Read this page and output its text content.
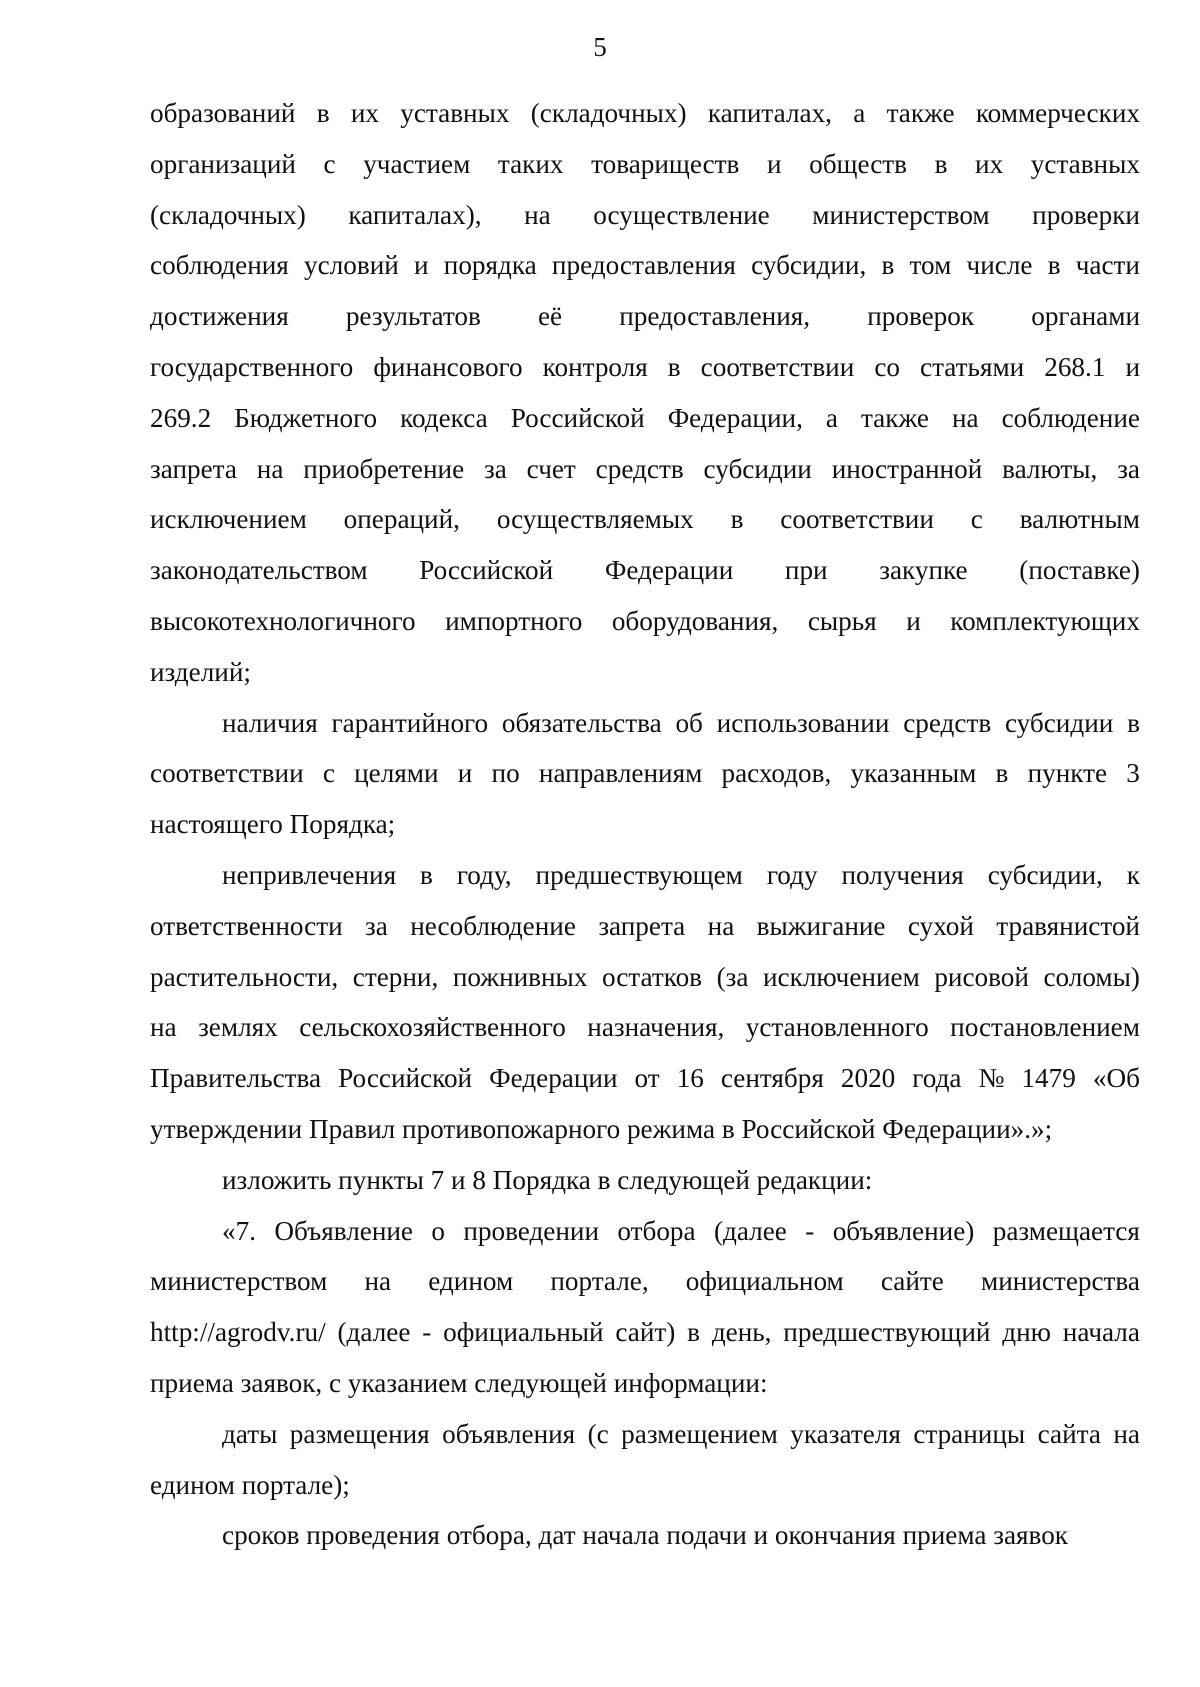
5
образований в их уставных (складочных) капиталах, а также коммерческих
организаций с участием таких товариществ и обществ в их уставных
(складочных) капиталах), на осуществление министерством проверки
соблюдения условий и порядка предоставления субсидии, в том числе в части
достижения результатов её предоставления, проверок органами
государственного финансового контроля в соответствии со статьями 268.1 и
269.2 Бюджетного кодекса Российской Федерации, а также на соблюдение
запрета на приобретение за счет средств субсидии иностранной валюты, за
исключением операций, осуществляемых в соответствии с валютным
законодательством Российской Федерации при закупке (поставке)
высокотехнологичного импортного оборудования, сырья и комплектующих
изделий;
наличия гарантийного обязательства об использовании средств субсидии в
соответствии с целями и по направлениям расходов, указанным в пункте 3
настоящего Порядка;
непривлечения в году, предшествующем году получения субсидии, к
ответственности за несоблюдение запрета на выжигание сухой травянистой
растительности, стерни, пожнивных остатков (за исключением рисовой соломы)
на землях сельскохозяйственного назначения, установленного постановлением
Правительства Российской Федерации от 16 сентября 2020 года № 1479 «Об
утверждении Правил противопожарного режима в Российской Федерации».»;
изложить пункты 7 и 8 Порядка в следующей редакции:
«7. Объявление о проведении отбора (далее - объявление) размещается
министерством на едином портале, официальном сайте министерства
http://agrodv.ru/ (далее - официальный сайт) в день, предшествующий дню начала
приема заявок, с указанием следующей информации:
даты размещения объявления (с размещением указателя страницы сайта на
едином портале);
сроков проведения отбора, дат начала подачи и окончания приема заявок
